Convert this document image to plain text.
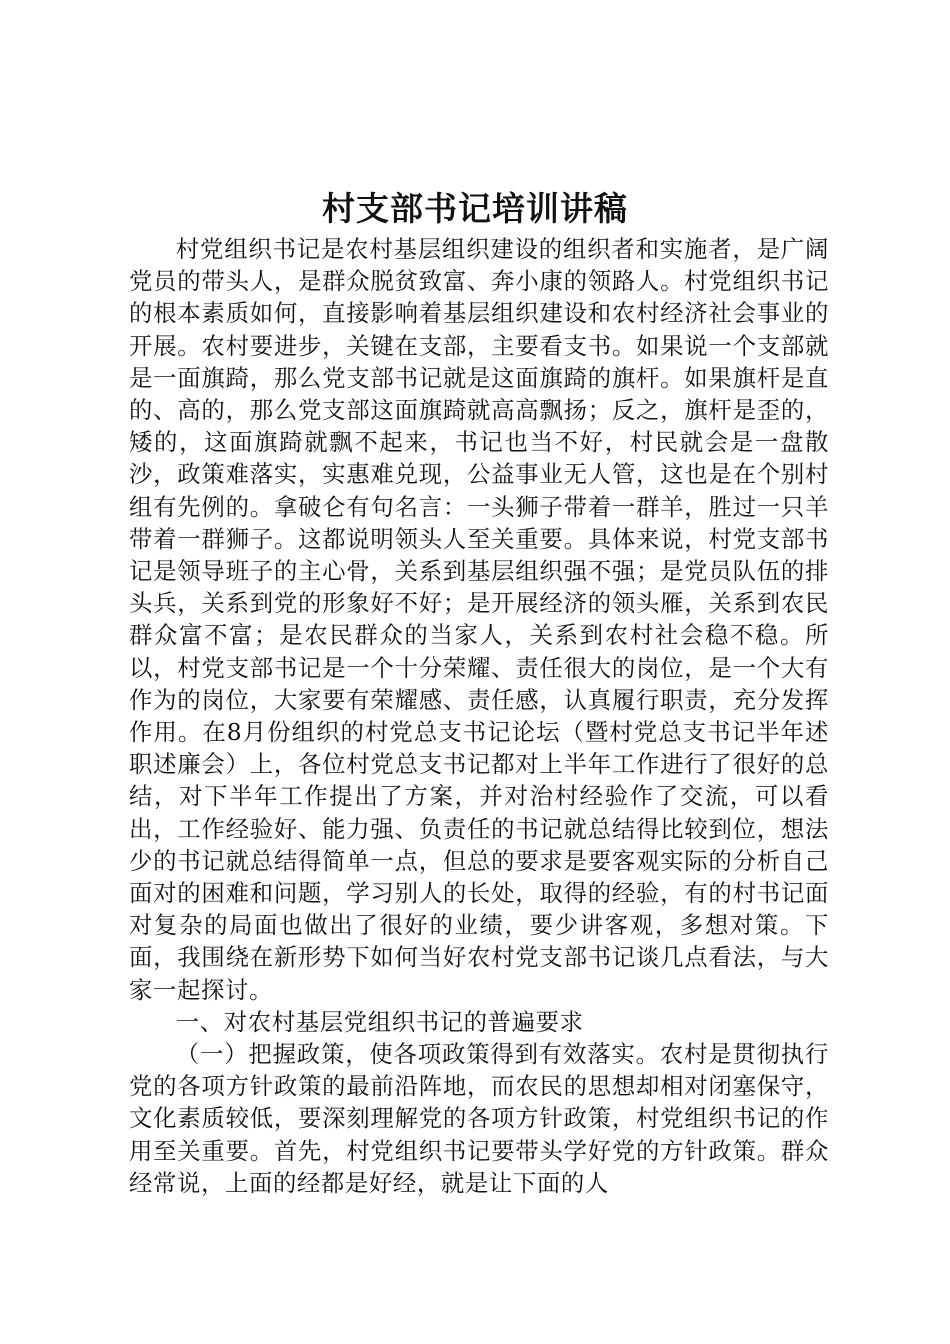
村支部书记培训讲稿

村党组织书记是农村基层组织建设的组织者和实施者，是广阔党员的带头人，是群众脱贫致富、奔小康的领路人。村党组织书记的根本素质如何，直接影响着基层组织建设和农村经济社会事业的开展。农村要进步，关键在支部，主要看支书。如果说一个支部就是一面旗踦，那么党支部书记就是这面旗踦的旗杆。如果旗杆是直的、高的，那么党支部这面旗踦就高高飘扬；反之，旗杆是歪的，矮的，这面旗踦就飘不起来，书记也当不好，村民就会是一盘散沙，政策难落实，实惠难兑现，公益事业无人管，这也是在个别村组有先例的。拿破仑有句名言：一头狮子带着一群羊，胜过一只羊带着一群狮子。这都说明领头人至关重要。具体来说，村党支部书记是领导班子的主心骨，关系到基层组织强不强；是党员队伍的排头兵，关系到党的形象好不好；是开展经济的领头雁，关系到农民群众富不富；是农民群众的当家人，关系到农村社会稳不稳。所以，村党支部书记是一个十分荣耀、责任很大的岗位，是一个大有作为的岗位，大家要有荣耀感、责任感，认真履行职责，充分发挥作用。在8月份组织的村党总支书记论坛（暨村党总支书记半年述职述廉会）上，各位村党总支书记都对上半年工作进行了很好的总结，对下半年工作提出了方案，并对治村经验作了交流，可以看出，工作经验好、能力强、负责任的书记就总结得比较到位，想法少的书记就总结得简单一点，但总的要求是要客观实际的分析自己面对的困难和问题，学习别人的长处，取得的经验，有的村书记面对复杂的局面也做出了很好的业绩，要少讲客观，多想对策。下面，我围绕在新形势下如何当好农村党支部书记谈几点看法，与大家一起探讨。

一、对农村基层党组织书记的普遍要求

（一）把握政策，使各项政策得到有效落实。农村是贯彻执行党的各项方针政策的最前沿阵地，而农民的思想却相对闭塞保守，文化素质较低，要深刻理解党的各项方针政策，村党组织书记的作用至关重要。首先，村党组织书记要带头学好党的方针政策。群众经常说，上面的经都是好经，就是让下面的人
